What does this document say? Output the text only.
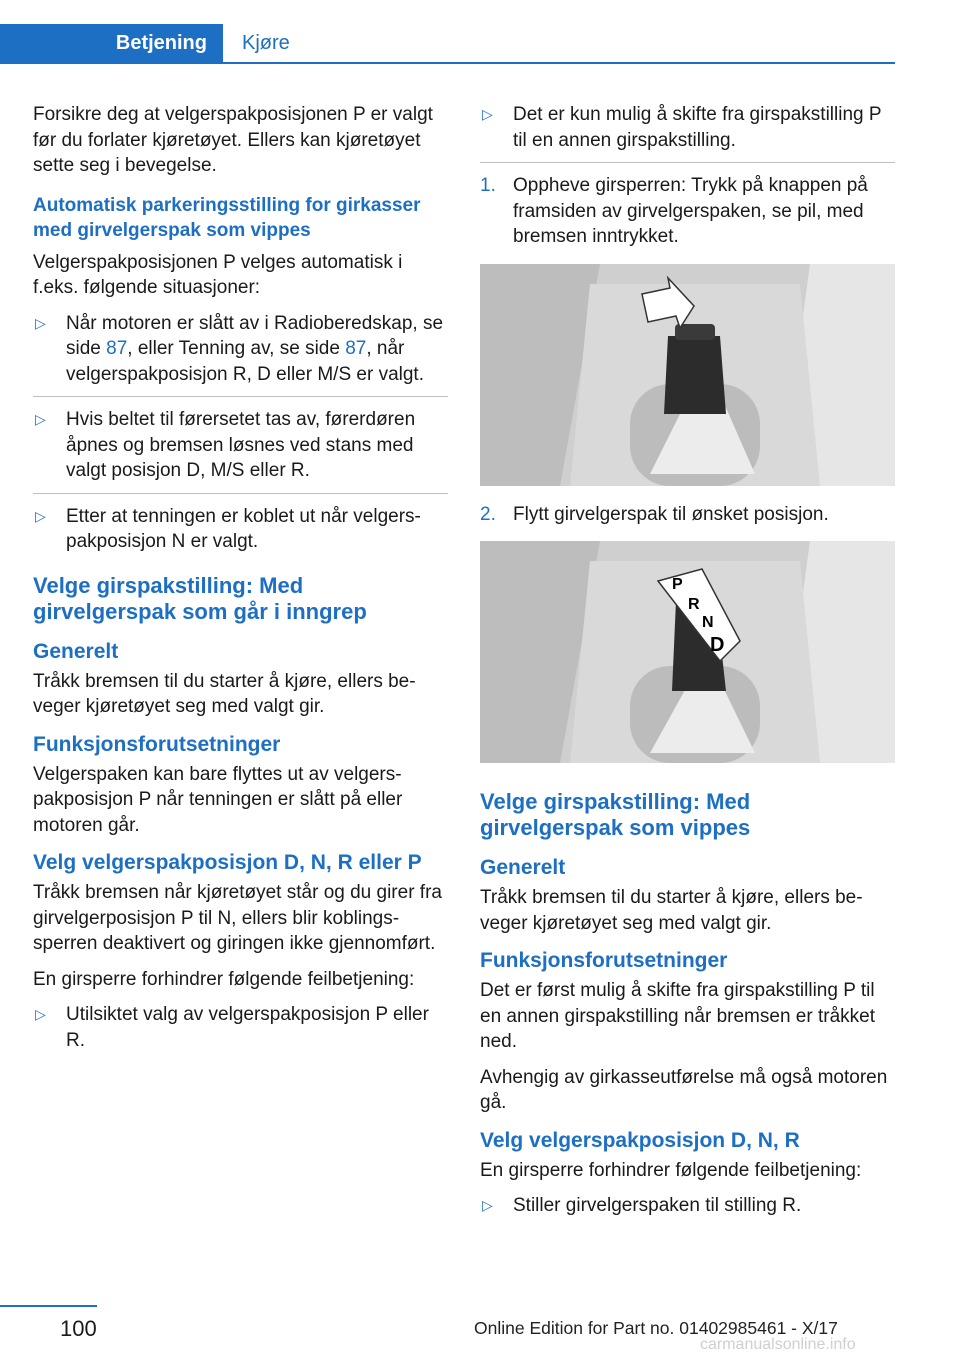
Betjening	Kjøre

Forsikre deg at velgerspakposisjonen P er valgt før du forlater kjøretøyet. Ellers kan kjøretøyet sette seg i bevegelse.

Automatisk parkeringsstilling for girkasser med girvelgerspak som vippes

Velgerspakposisjonen P velges automatisk i f.eks. følgende situasjoner:

▷ Når motoren er slått av i Radioberedskap, se side 87, eller Tenning av, se side 87, når velgerspakposisjon R, D eller M/S er valgt.
▷ Hvis beltet til førersetet tas av, førerdøren åpnes og bremsen løsnes ved stans med valgt posisjon D, M/S eller R.
▷ Etter at tenningen er koblet ut når velgerspakposisjon N er valgt.
Velge girspakstilling: Med girvelgerspak som går i inngrep
Generelt

Tråkk bremsen til du starter å kjøre, ellers beveger kjøretøyet seg med valgt gir.

Funksjonsforutsetninger

Velgerspaken kan bare flyttes ut av velgerspakposisjon P når tenningen er slått på eller motoren går.

Velg velgerspakposisjon D, N, R eller P

Tråkk bremsen når kjøretøyet står og du girer fra girvelgerposisjon P til N, ellers blir koblingssperren deaktivert og giringen ikke gjennomført.

En girsperre forhindrer følgende feilbetjening:

▷ Utilsiktet valg av velgerspakposisjon P eller R.
▷ Det er kun mulig å skifte fra girspakstilling P til en annen girspakstilling.
1. Oppheve girsperren: Trykk på knappen på framsiden av girvelgerspaken, se pil, med bremsen inntrykket.
2. Flytt girvelgerspak til ønsket posisjon.
P
R
N
D
Velge girspakstilling: Med girvelgerspak som vippes
Generelt

Tråkk bremsen til du starter å kjøre, ellers beveger kjøretøyet seg med valgt gir.

Funksjonsforutsetninger

Det er først mulig å skifte fra girspakstilling P til en annen girspakstilling når bremsen er tråkket ned.

Avhengig av girkasseutførelse må også motoren gå.

Velg velgerspakposisjon D, N, R

En girsperre forhindrer følgende feilbetjening:

▷ Stiller girvelgerspaken til stilling R.
100	Online Edition for Part no. 01402985461 - X/17
carmanualsonline.info
